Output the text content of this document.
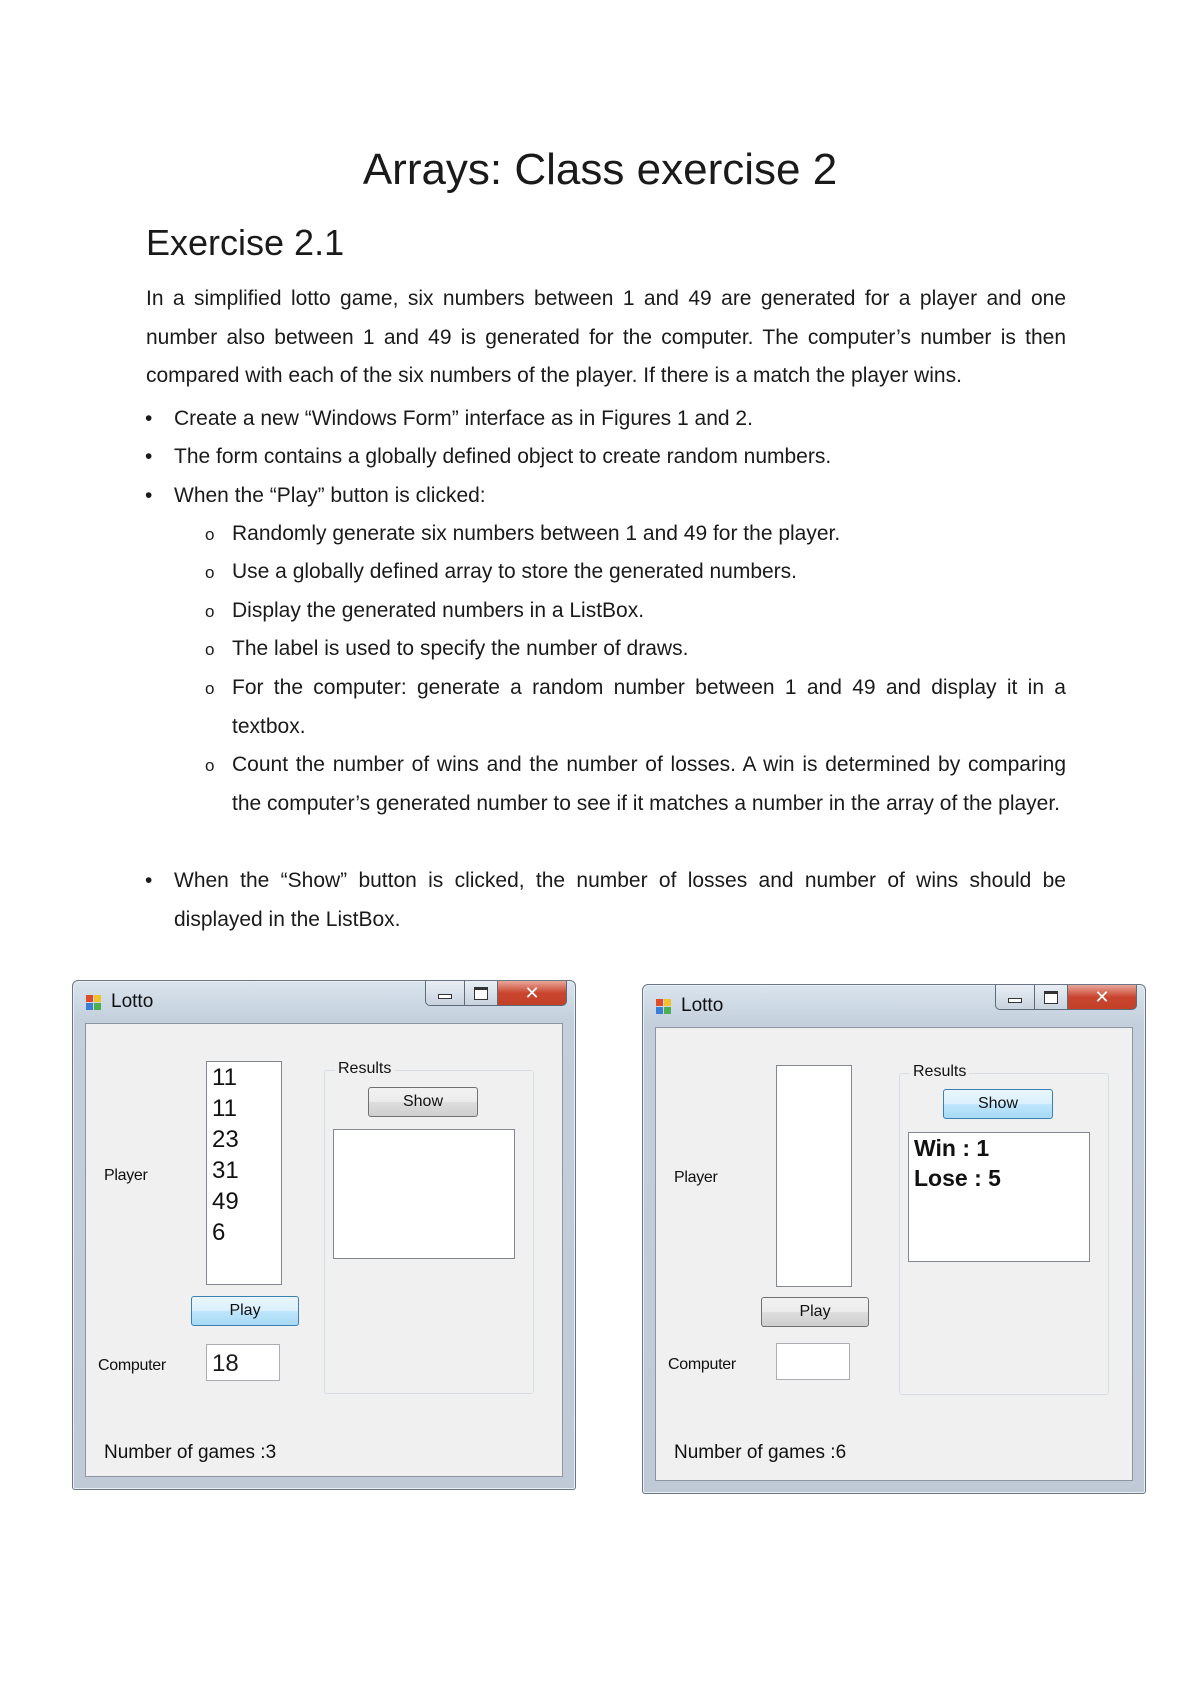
Arrays: Class exercise 2
Exercise 2.1

In a simplified lotto game, six numbers between 1 and 49 are generated for a player and one number also between 1 and 49 is generated for the computer. The computer’s number is then compared with each of the six numbers of the player. If there is a match the player wins.

• Create a new “Windows Form” interface as in Figures 1 and 2.

• The form contains a globally defined object to create random numbers.

• When the “Play” button is clicked:

o Randomly generate six numbers between 1 and 49 for the player.

o Use a globally defined array to store the generated numbers.

o Display the generated numbers in a ListBox.

o The label is used to specify the number of draws.

o For the computer: generate a random number between 1 and 49 and display it in a textbox.

o Count the number of wins and the number of losses. A win is determined by comparing the computer’s generated number to see if it matches a number in the array of the player.

• When the “Show” button is clicked, the number of losses and number of wins should be displayed in the ListBox.

Lotto	✕
Player
11
11
23
31
49
6
Play
Computer 18
Results
Show
Number of games :3
Lotto	✕
Player
Play
Computer
Results
Show
Win : 1
Lose : 5
Number of games :6
